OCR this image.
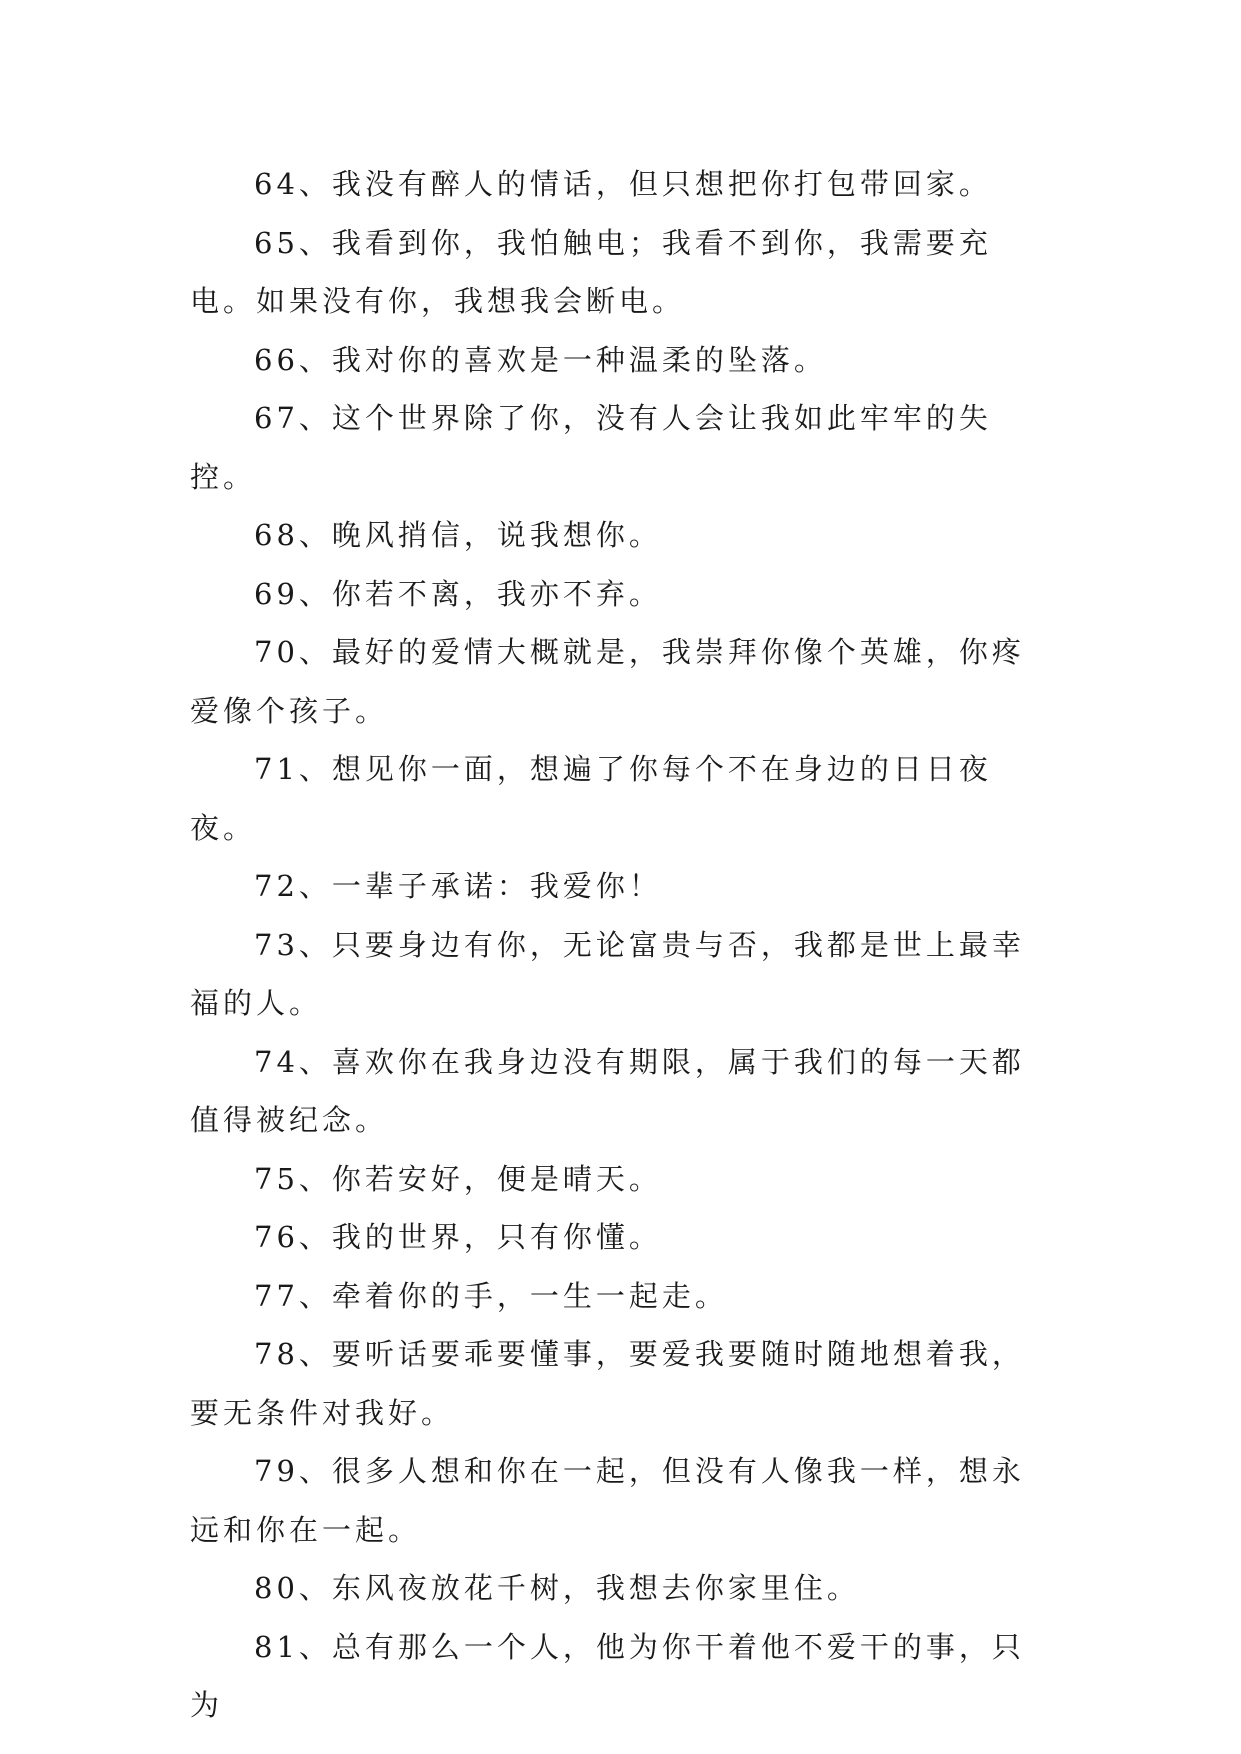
64、我没有醉人的情话，但只想把你打包带回家。

65、我看到你，我怕触电；我看不到你，我需要充电。如果没有你，我想我会断电。

66、我对你的喜欢是一种温柔的坠落。

67、这个世界除了你，没有人会让我如此牢牢的失控。

68、晚风捎信，说我想你。

69、你若不离，我亦不弃。

70、最好的爱情大概就是，我崇拜你像个英雄，你疼爱像个孩子。

71、想见你一面，想遍了你每个不在身边的日日夜夜。

72、一辈子承诺：我爱你！

73、只要身边有你，无论富贵与否，我都是世上最幸福的人。

74、喜欢你在我身边没有期限，属于我们的每一天都值得被纪念。

75、你若安好，便是晴天。

76、我的世界，只有你懂。

77、牵着你的手，一生一起走。

78、要听话要乖要懂事，要爱我要随时随地想着我，要无条件对我好。

79、很多人想和你在一起，但没有人像我一样，想永远和你在一起。

80、东风夜放花千树，我想去你家里住。

81、总有那么一个人，他为你干着他不爱干的事，只为
